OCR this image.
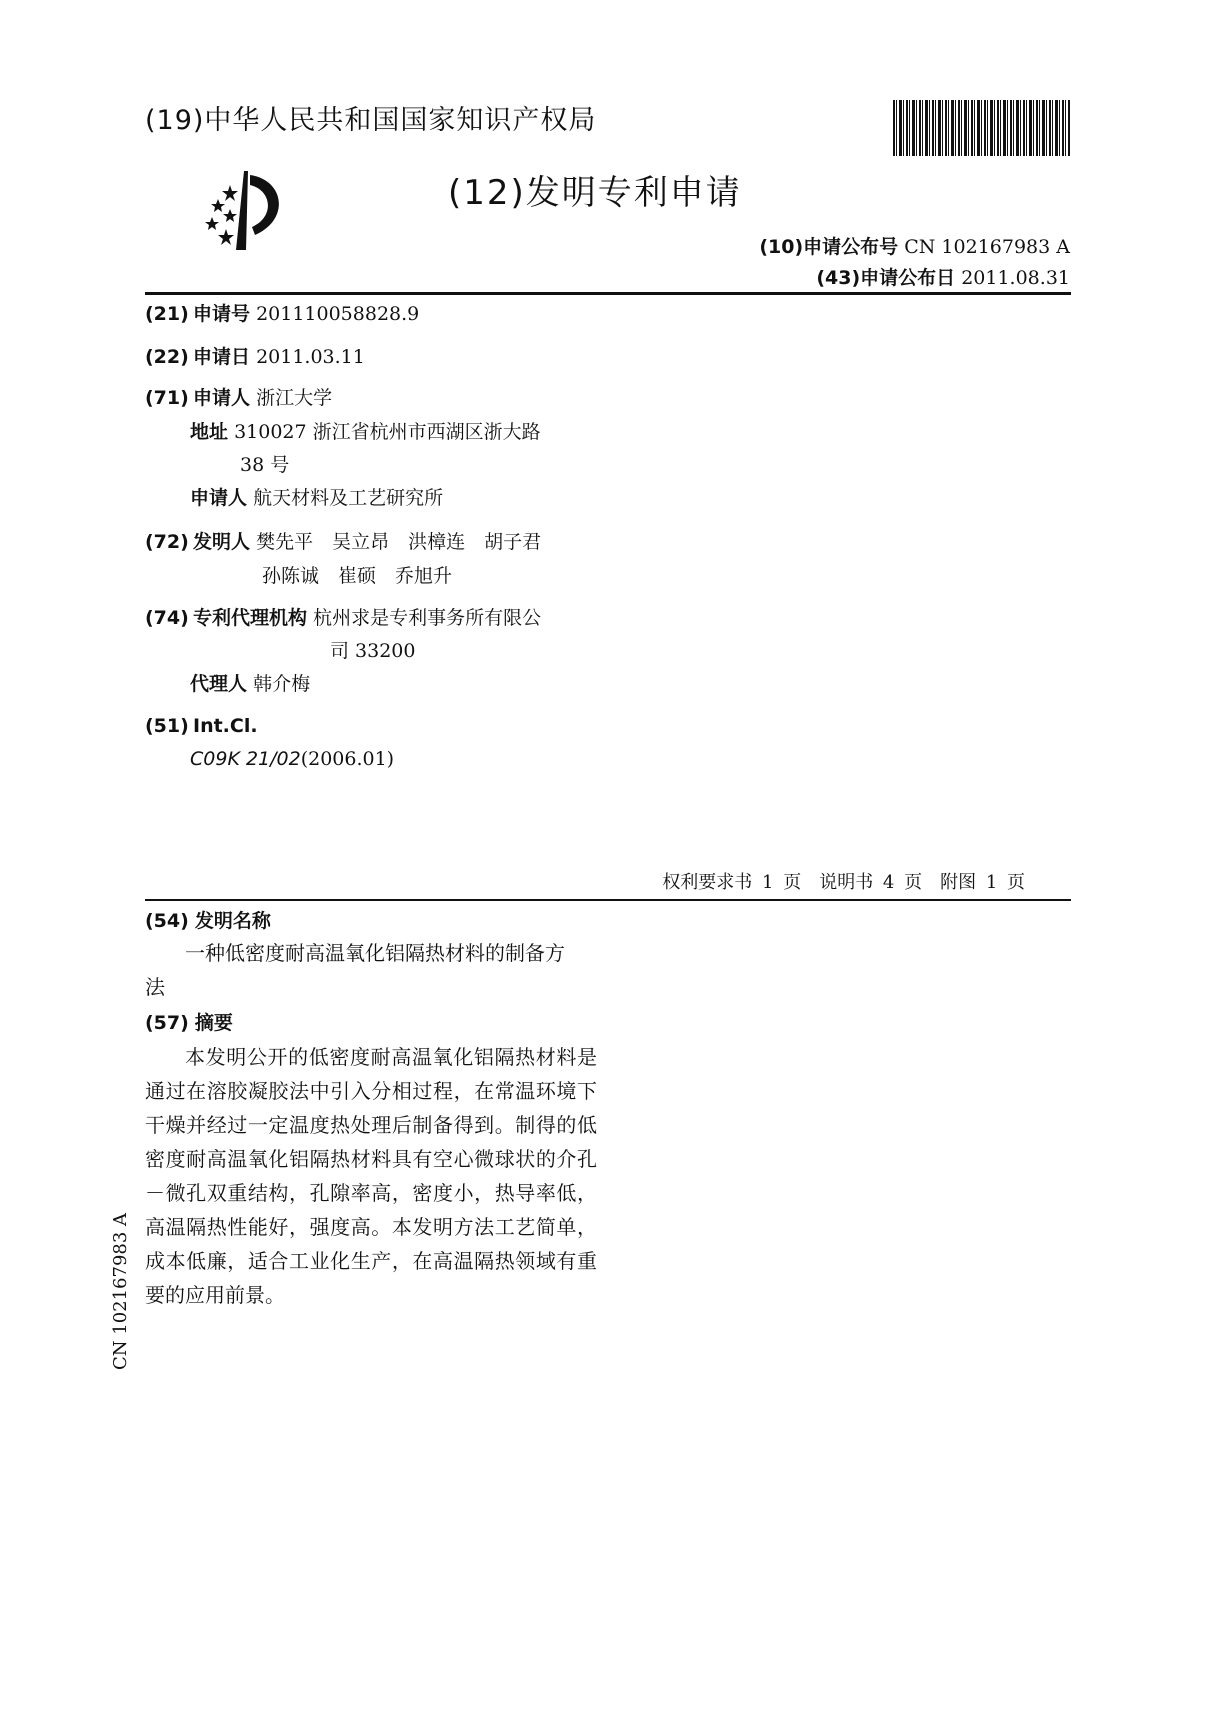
(19)中华人民共和国国家知识产权局
(12)发明专利申请
(10)申请公布号 CN 102167983 A
(43)申请公布日 2011.08.31
(21) 申请号 201110058828.9
(22) 申请日 2011.03.11
(71) 申请人 浙江大学
地址 310027 浙江省杭州市西湖区浙大路
38 号
申请人 航天材料及工艺研究所
(72) 发明人 樊先平　吴立昂　洪樟连　胡子君
孙陈诚　崔硕　乔旭升
(74) 专利代理机构 杭州求是专利事务所有限公
司 33200
代理人 韩介梅
(51) Int.Cl.
C09K 21/02(2006.01)
权利要求书 1 页　说明书 4 页　附图 1 页
(54) 发明名称
一种低密度耐高温氧化铝隔热材料的制备方
法
(57) 摘要
本发明公开的低密度耐高温氧化铝隔热材料是通过在溶胶凝胶法中引入分相过程，在常温环境下干燥并经过一定温度热处理后制备得到。制得的低密度耐高温氧化铝隔热材料具有空心微球状的介孔－微孔双重结构，孔隙率高，密度小，热导率低，高温隔热性能好，强度高。本发明方法工艺简单，成本低廉，适合工业化生产，在高温隔热领域有重要的应用前景。
CN 102167983 A
